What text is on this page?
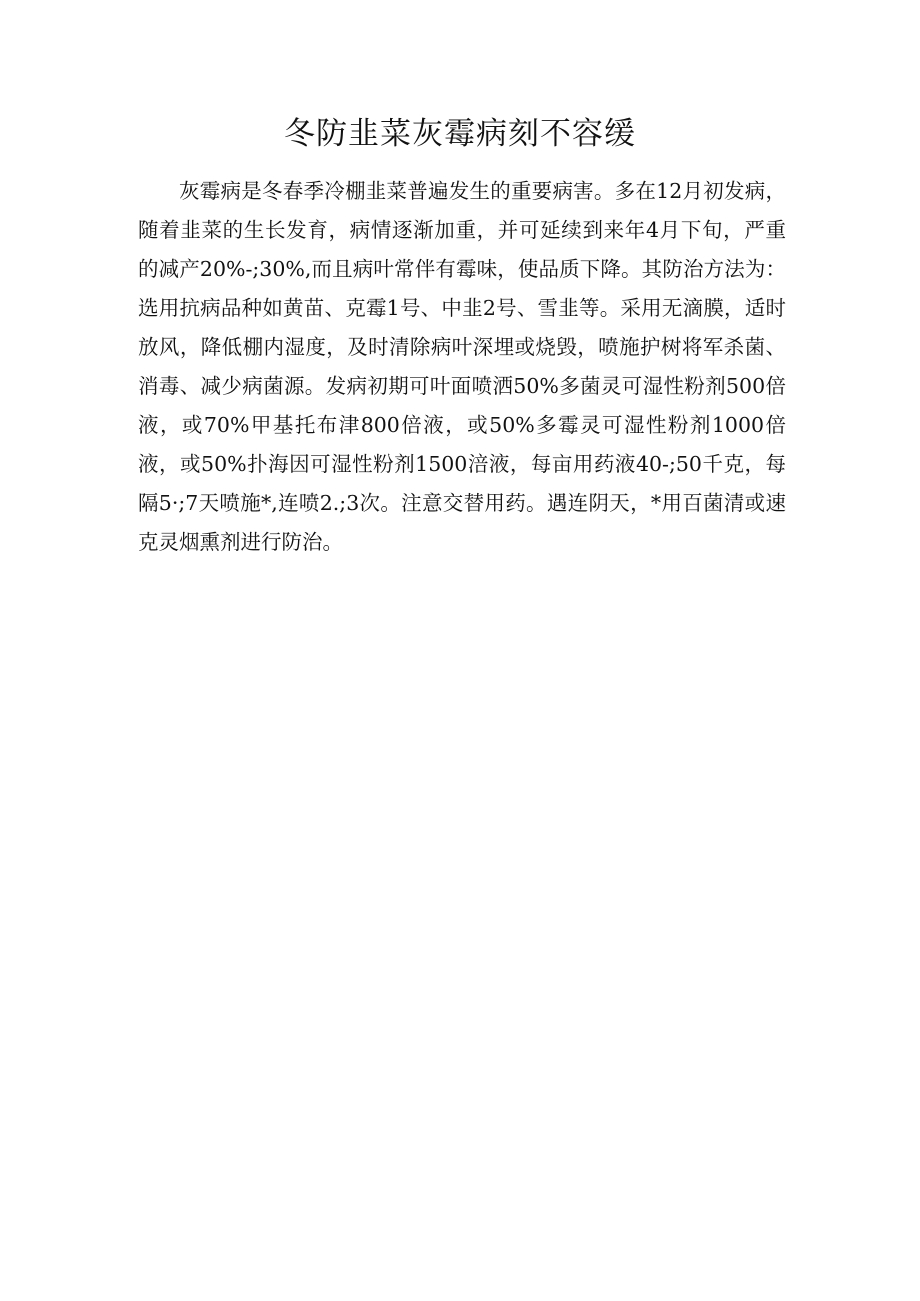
冬防韭菜灰霉病刻不容缓

灰霉病是冬春季冷棚韭菜普遍发生的重要病害。多在12月初发病，随着韭菜的生长发育，病情逐渐加重，并可延续到来年4月下旬，严重的减产20%-;30%,而且病叶常伴有霉味，使品质下降。其防治方法为：选用抗病品种如黄苗、克霉1号、中韭2号、雪韭等。采用无滴膜，适时放风，降低棚内湿度，及时清除病叶深埋或烧毁，喷施护树将军杀菌、消毒、减少病菌源。发病初期可叶面喷洒50%多菌灵可湿性粉剂500倍液，或70%甲基托布津800倍液，或50%多霉灵可湿性粉剂1000倍液，或50%扑海因可湿性粉剂1500涪液，每亩用药液40-;50千克，每隔5·;7天喷施*,连喷2.;3次。注意交替用药。遇连阴天，*用百菌清或速克灵烟熏剂进行防治。
